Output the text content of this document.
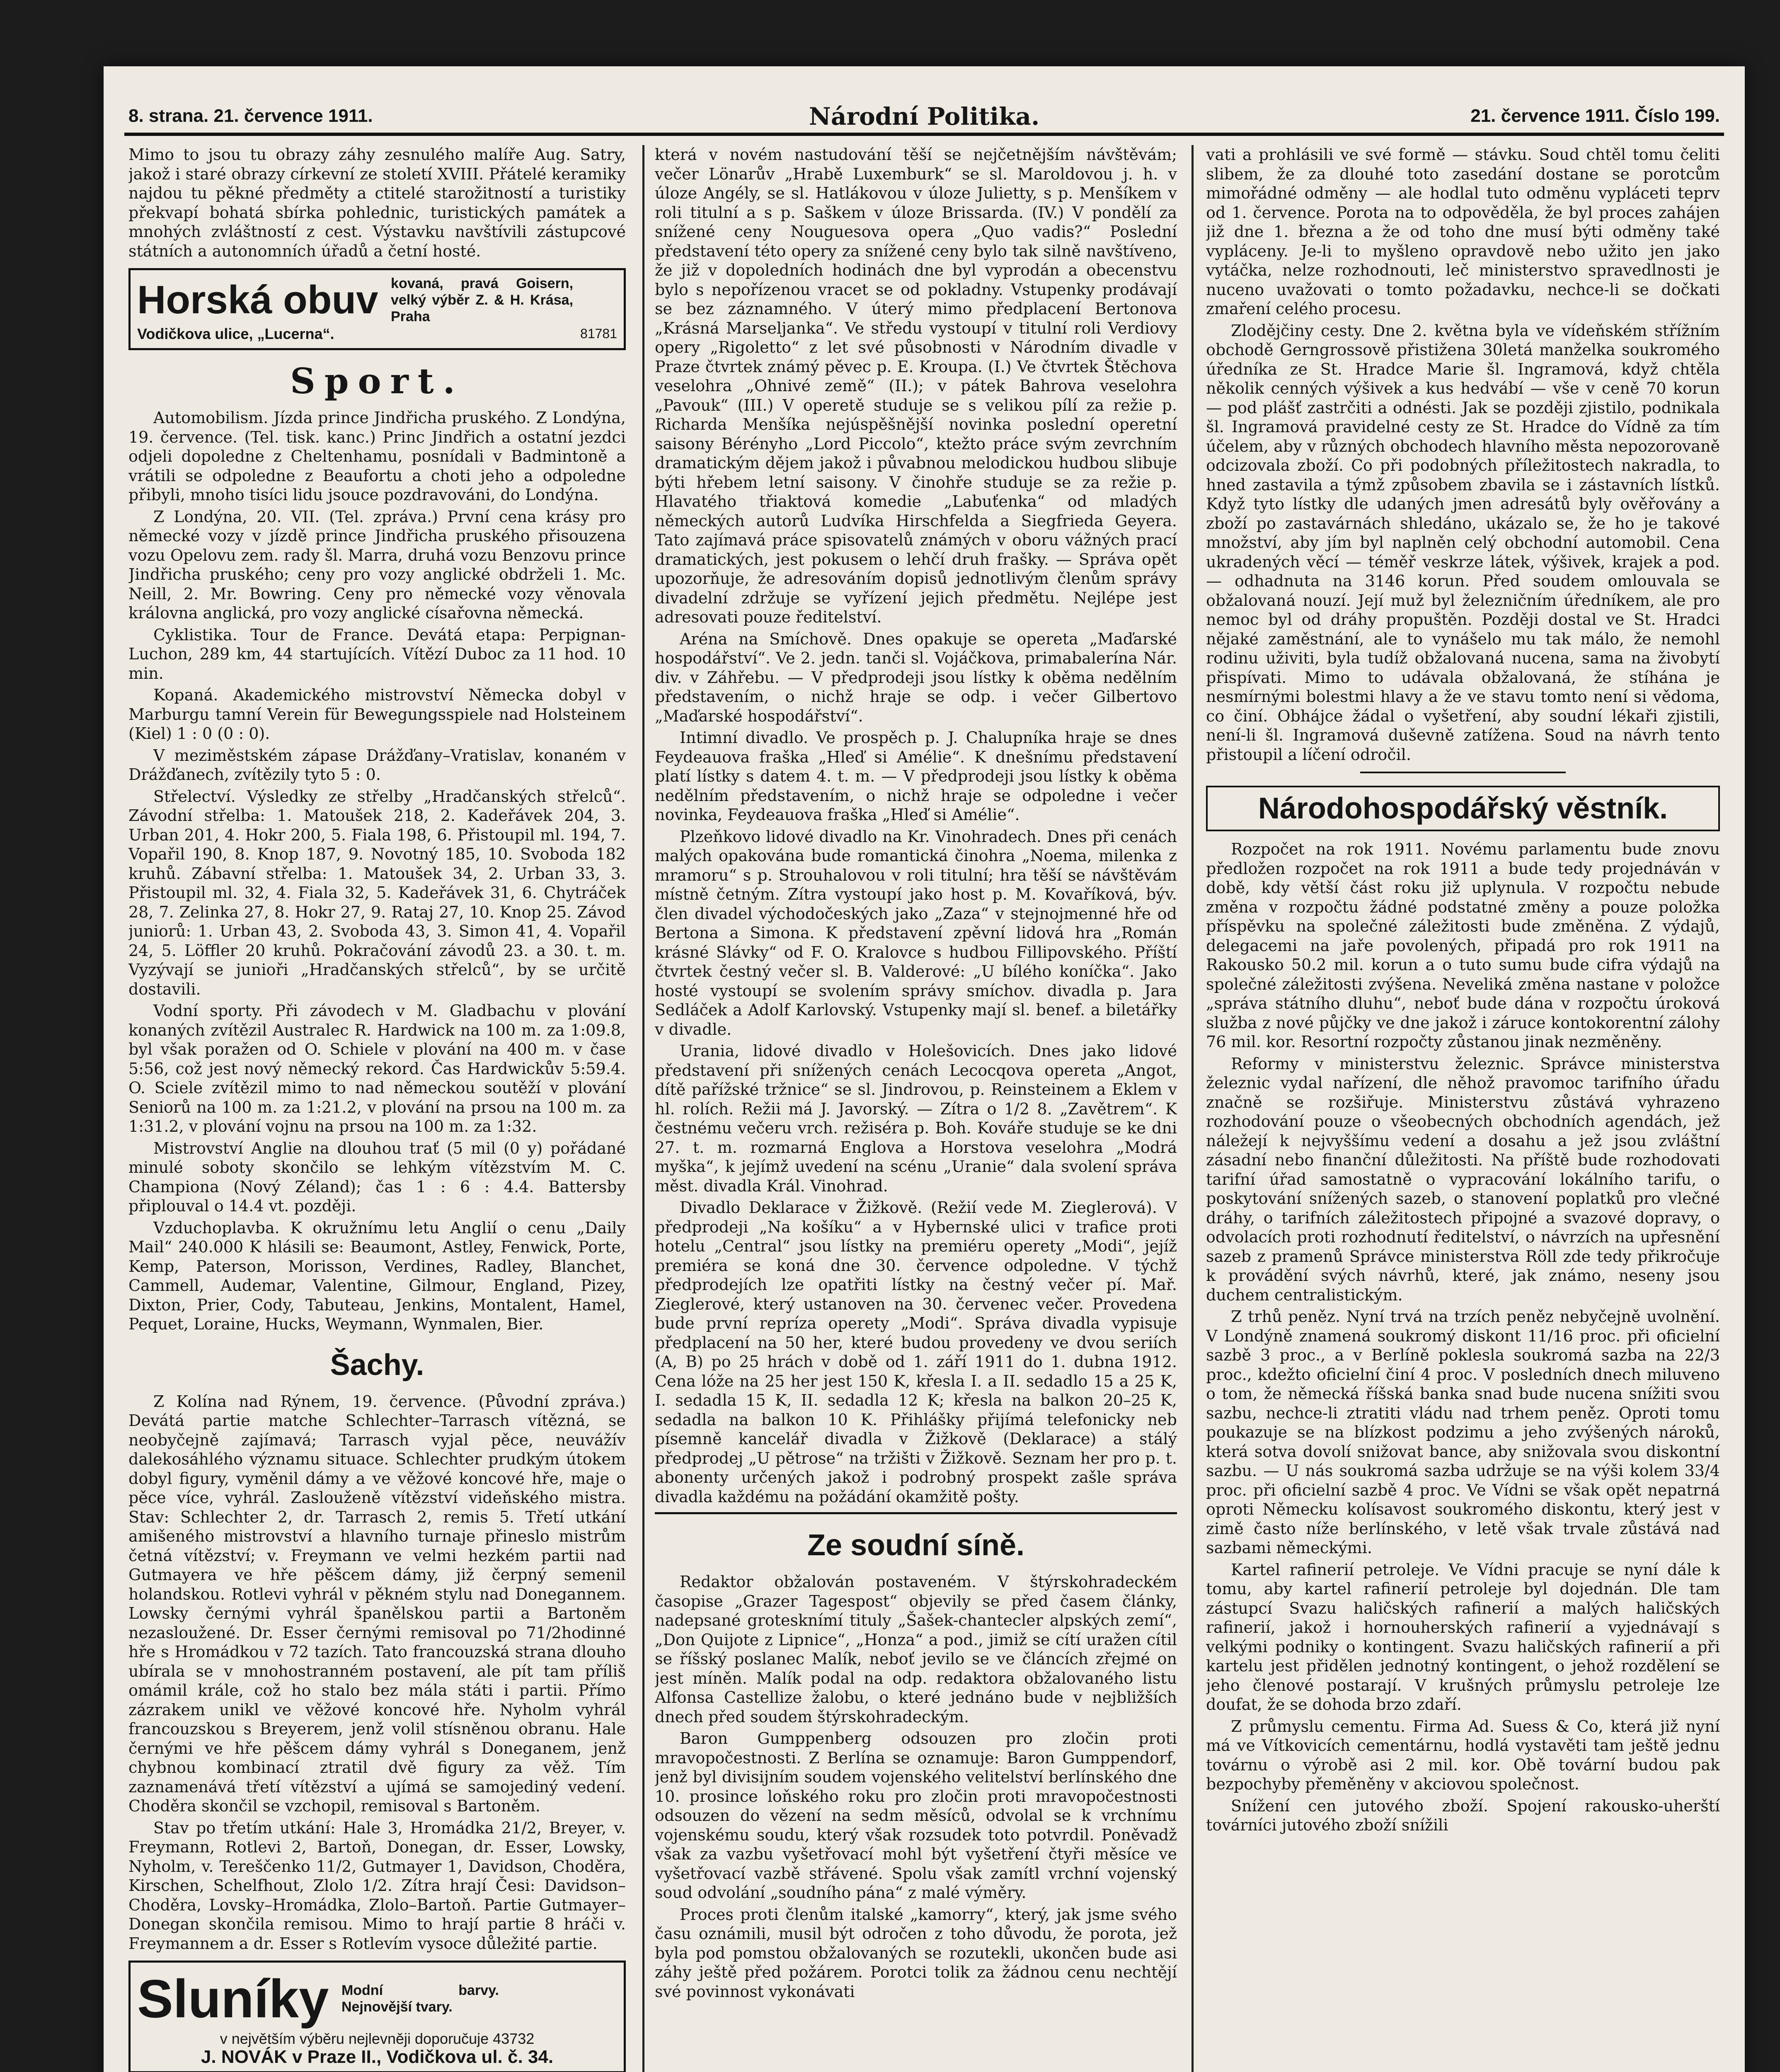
8. strana. 21. července 1911.	Národní Politika.	21. července 1911. Číslo 199.

Mimo to jsou tu obrazy záhy zesnulého malíře Aug. Satry, jakož i staré obrazy církevní ze století XVIII. Přátelé keramiky najdou tu pěkné předměty a ctitelé starožitností a turistiky překvapí bohatá sbírka pohlednic, turistických památek a mnohých zvláštností z cest. Výstavku navštívili zástupcové státních a autonomních úřadů a četní hosté.

Horská obuv kovaná, pravá Goisern, velký výběr Z. & H. Krása, Praha
Vodičkova ulice, „Lucerna“.	81781
Sport.

Automobilism. Jízda prince Jindřicha pruského. Z Londýna, 19. července. (Tel. tisk. kanc.) Princ Jindřich a ostatní jezdci odjeli dopoledne z Cheltenhamu, posnídali v Badmintoně a vrátili se odpoledne z Beaufortu a choti jeho a odpoledne přibyli, mnoho tisíci lidu jsouce pozdravováni, do Londýna.

Z Londýna, 20. VII. (Tel. zpráva.) První cena krásy pro německé vozy v jízdě prince Jindřicha pruského přisouzena vozu Opelovu zem. rady šl. Marra, druhá vozu Benzovu prince Jindřicha pruského; ceny pro vozy anglické obdrželi 1. Mc. Neill, 2. Mr. Bowring. Ceny pro německé vozy věnovala královna anglická, pro vozy anglické císařovna německá.

Cyklistika. Tour de France. Devátá etapa: Perpignan-Luchon, 289 km, 44 startujících. Vítězí Duboc za 11 hod. 10 min.

Kopaná. Akademického mistrovství Německa dobyl v Marburgu tamní Verein für Bewegungsspiele nad Holsteinem (Kiel) 1 : 0 (0 : 0).

V meziměstském zápase Drážďany–Vratislav, konaném v Drážďanech, zvítězily tyto 5 : 0.

Střelectví. Výsledky ze střelby „Hradčanských střelců“. Závodní střelba: 1. Matoušek 218, 2. Kadeřávek 204, 3. Urban 201, 4. Hokr 200, 5. Fiala 198, 6. Přistoupil ml. 194, 7. Vopařil 190, 8. Knop 187, 9. Novotný 185, 10. Svoboda 182 kruhů. Zábavní střelba: 1. Matoušek 34, 2. Urban 33, 3. Přistoupil ml. 32, 4. Fiala 32, 5. Kadeřávek 31, 6. Chytráček 28, 7. Zelinka 27, 8. Hokr 27, 9. Rataj 27, 10. Knop 25. Závod juniorů: 1. Urban 43, 2. Svoboda 43, 3. Simon 41, 4. Vopařil 24, 5. Löffler 20 kruhů. Pokračování závodů 23. a 30. t. m. Vyzývají se junioři „Hradčanských střelců“, by se určitě dostavili.

Vodní sporty. Při závodech v M. Gladbachu v plování konaných zvítězil Australec R. Hardwick na 100 m. za 1:09.8, byl však poražen od O. Schiele v plování na 400 m. v čase 5:56, což jest nový německý rekord. Čas Hardwickův 5:59.4. O. Sciele zvítězil mimo to nad německou soutěží v plování Seniorů na 100 m. za 1:21.2, v plování na prsou na 100 m. za 1:31.2, v plování vojnu na prsou na 100 m. za 1:32.

Mistrovství Anglie na dlouhou trať (5 mil (0 y) pořádané minulé soboty skončilo se lehkým vítězstvím M. C. Championa (Nový Zéland); čas 1 : 6 : 4.4. Battersby připlouval o 14.4 vt. později.

Vzduchoplavba. K okružnímu letu Anglií o cenu „Daily Mail“ 240.000 K hlásili se: Beaumont, Astley, Fenwick, Porte, Kemp, Paterson, Morisson, Verdines, Radley, Blanchet, Cammell, Audemar, Valentine, Gilmour, England, Pizey, Dixton, Prier, Cody, Tabuteau, Jenkins, Montalent, Hamel, Pequet, Loraine, Hucks, Weymann, Wynmalen, Bier.

Šachy.

Z Kolína nad Rýnem, 19. července. (Původní zpráva.) Devátá partie matche Schlechter–Tarrasch vítězná, se neobyčejně zajímavá; Tarrasch vyjal pěce, neuvážív dalekosáhlého významu situace. Schlechter prudkým útokem dobyl figury, vyměnil dámy a ve věžové koncové hře, maje o pěce více, vyhrál. Zaslouženě vítězství videňského mistra. Stav: Schlechter 2, dr. Tarrasch 2, remis 5. Třetí utkání amišeného mistrovství a hlavního turnaje přineslo mistrům četná vítězství; v. Freymann ve velmi hezkém partii nad Gutmayera ve hře pěšcem dámy, již čerpný semenil holandskou. Rotlevi vyhrál v pěkném stylu nad Donegannem. Lowsky černými vyhrál španělskou partii a Bartoněm nezasloužené. Dr. Esser černými remisoval po 71/2hodinné hře s Hromádkou v 72 tazích. Tato francouzská strana dlouho ubírala se v mnohostranném postavení, ale pít tam příliš omámil krále, což ho stalo bez mála státi i partii. Přímo zázrakem unikl ve věžové koncové hře. Nyholm vyhrál francouzskou s Breyerem, jenž volil stísněnou obranu. Hale černými ve hře pěšcem dámy vyhrál s Doneganem, jenž chybnou kombinací ztratil dvě figury za věž. Tím zaznamenává třetí vítězství a ujímá se samojediný vedení. Choděra skončil se vzchopil, remisoval s Bartoněm.

Stav po třetím utkání: Hale 3, Hromádka 21/2, Breyer, v. Freymann, Rotlevi 2, Bartoň, Donegan, dr. Esser, Lowsky, Nyholm, v. Tereščenko 11/2, Gutmayer 1, Davidson, Choděra, Kirschen, Schelfhout, Zlolo 1/2. Zítra hrají Česi: Davidson–Choděra, Lovsky–Hromádka, Zlolo–Bartoň. Partie Gutmayer–Donegan skončila remisou. Mimo to hrají partie 8 hráči v. Freymannem a dr. Esser s Rotlevím vysoce důležité partie.

Sluníky Modní barvy. Nejnovější tvary.
v největším výběru nejlevněji doporučuje 43732
J. NOVÁK v Praze II., Vodičkova ul. č. 34.

která v novém nastudování těší se nejčetnějším návštěvám; večer Lönarův „Hrabě Luxemburk“ se sl. Maroldovou j. h. v úloze Angély, se sl. Hatlákovou v úloze Julietty, s p. Menšíkem v roli titulní a s p. Saškem v úloze Brissarda. (IV.) V pondělí za snížené ceny Nouguesova opera „Quo vadis?“ Poslední představení této opery za snížené ceny bylo tak silně navštíveno, že již v dopoledních hodinách dne byl vyprodán a obecenstvu bylo s nepořízenou vracet se od pokladny. Vstupenky prodávají se bez záznamného. V úterý mimo předplacení Bertonova „Krásná Marseljanka“. Ve středu vystoupí v titulní roli Verdiovy opery „Rigoletto“ z let své působnosti v Národním divadle v Praze čtvrtek známý pěvec p. E. Kroupa. (I.) Ve čtvrtek Štěchova veselohra „Ohnivé země“ (II.); v pátek Bahrova veselohra „Pavouk“ (III.) V operetě studuje se s velikou pílí za režie p. Richarda Menšíka nejúspěšnější novinka poslední operetní saisony Bérényho „Lord Piccolo“, ktežto práce svým zevrchním dramatickým dějem jakož i půvabnou melodickou hudbou slibuje býti hřebem letní saisony. V činohře studuje se za režie p. Hlavatého třiaktová komedie „Labuťenka“ od mladých německých autorů Ludvíka Hirschfelda a Siegfrieda Geyera. Tato zajímavá práce spisovatelů známých v oboru vážných prací dramatických, jest pokusem o lehčí druh frašky. — Správa opět upozorňuje, že adresováním dopisů jednotlivým členům správy divadelní zdržuje se vyřízení jejich předmětu. Nejlépe jest adresovati pouze ředitelství.

Aréna na Smíchově. Dnes opakuje se opereta „Maďarské hospodářství“. Ve 2. jedn. tanči sl. Vojáčkova, primabalerína Nár. div. v Záhřebu. — V předprodeji jsou lístky k oběma nedělním představením, o nichž hraje se odp. i večer Gilbertovo „Maďarské hospodářství“.

Intimní divadlo. Ve prospěch p. J. Chalupníka hraje se dnes Feydeauova fraška „Hleď si Amélie“. K dnešnímu představení platí lístky s datem 4. t. m. — V předprodeji jsou lístky k oběma nedělním představením, o nichž hraje se odpoledne i večer novinka, Feydeauova fraška „Hleď si Amélie“.

Plzeňkovo lidové divadlo na Kr. Vinohradech. Dnes při cenách malých opakována bude romantická činohra „Noema, milenka z mramoru“ s p. Strouhalovou v roli titulní; hra těší se návštěvám místně četným. Zítra vystoupí jako host p. M. Kovaříková, býv. člen divadel východočeských jako „Zaza“ v stejnojmenné hře od Bertona a Simona. K představení zpěvní lidová hra „Román krásné Slávky“ od F. O. Kralovce s hudbou Fillipovského. Příští čtvrtek čestný večer sl. B. Valderové: „U bílého koníčka“. Jako hosté vystoupí se svolením správy smíchov. divadla p. Jara Sedláček a Adolf Karlovský. Vstupenky mají sl. benef. a biletářky v divadle.

Urania, lidové divadlo v Holešovicích. Dnes jako lidové představení při snížených cenách Lecocqova opereta „Angot, dítě pařížské tržnice“ se sl. Jindrovou, p. Reinsteinem a Eklem v hl. rolích. Režii má J. Javorský. — Zítra o 1/2 8. „Zavětrem“. K čestnému večeru vrch. režiséra p. Boh. Kováře studuje se ke dni 27. t. m. rozmarná Englova a Horstova veselohra „Modrá myška“, k jejímž uvedení na scénu „Uranie“ dala svolení správa měst. divadla Král. Vinohrad.

Divadlo Deklarace v Žižkově. (Režií vede M. Zieglerová). V předprodeji „Na košíku“ a v Hybernské ulici v trafice proti hotelu „Central“ jsou lístky na premiéru operety „Modi“, jejíž premiéra se koná dne 30. července odpoledne. V týchž předprodejích lze opatřiti lístky na čestný večer pí. Mař. Zieglerové, který ustanoven na 30. červenec večer. Provedena bude první repríza operety „Modi“. Správa divadla vypisuje předplacení na 50 her, které budou provedeny ve dvou seriích (A, B) po 25 hrách v době od 1. září 1911 do 1. dubna 1912. Cena lóže na 25 her jest 150 K, křesla I. a II. sedadlo 15 a 25 K, I. sedadla 15 K, II. sedadla 12 K; křesla na balkon 20–25 K, sedadla na balkon 10 K. Přihlášky přijímá telefonicky neb písemně kancelář divadla v Žižkově (Deklarace) a stálý předprodej „U pětrose“ na tržišti v Žižkově. Seznam her pro p. t. abonenty určených jakož i podrobný prospekt zašle správa divadla každému na požádání okamžitě pošty.

Ze soudní síně.

Redaktor obžalován postaveném. V štýrskohradeckém časopise „Grazer Tagespost“ objevily se před časem články, nadepsané grotesknímí tituly „Šašek-chantecler alpských zemí“, „Don Quijote z Lipnice“, „Honza“ a pod., jimiž se cítí uražen cítil se říšský poslanec Malík, neboť jevilo se ve článcích zřejmé on jest míněn. Malík podal na odp. redaktora obžalovaného listu Alfonsa Castellize žalobu, o které jednáno bude v nejbližších dnech před soudem štýrskohradeckým.

Baron Gumppenberg odsouzen pro zločin proti mravopočestnosti. Z Berlína se oznamuje: Baron Gumppendorf, jenž byl divisijním soudem vojenského velitelství berlínského dne 10. prosince loňského roku pro zločin proti mravopočestnosti odsouzen do vězení na sedm měsíců, odvolal se k vrchnímu vojenskému soudu, který však rozsudek toto potvrdil. Poněvadž však za vazbu vyšetřovací mohl být vyšetření čtyři měsíce ve vyšetřovací vazbě střávené. Spolu však zamítl vrchní vojenský soud odvolání „soudního pána“ z malé výměry.

Proces proti členům italské „kamorry“, který, jak jsme svého času oznámili, musil být odročen z toho důvodu, že porota, jež byla pod pomstou obžalovaných se rozutekli, ukončen bude asi záhy ještě před požárem. Porotci tolik za žádnou cenu nechtějí své povinnost vykonávati

vati a prohlásili ve své formě — stávku. Soud chtěl tomu čeliti slibem, že za dlouhé toto zasedání dostane se porotcům mimořádné odměny — ale hodlal tuto odměnu vypláceti teprv od 1. července. Porota na to odpověděla, že byl proces zahájen již dne 1. března a že od toho dne musí býti odměny také vypláceny. Je-li to myšleno opravdově nebo užito jen jako vytáčka, nelze rozhodnouti, leč ministerstvo spravedlnosti je nuceno uvažovati o tomto požadavku, nechce-li se dočkati zmaření celého procesu.

Zlodějčiny cesty. Dne 2. května byla ve vídeňském střížním obchodě Gerngrossově přistižena 30letá manželka soukromého úředníka ze St. Hradce Marie šl. Ingramová, když chtěla několik cenných výšivek a kus hedvábí — vše v ceně 70 korun — pod plášť zastrčiti a odnésti. Jak se později zjistilo, podnikala šl. Ingramová pravidelné cesty ze St. Hradce do Vídně za tím účelem, aby v různých obchodech hlavního města nepozorovaně odcizovala zboží. Co při podobných příležitostech nakradla, to hned zastavila a týmž způsobem zbavila se i zástavních lístků. Když tyto lístky dle udaných jmen adresátů byly ověřovány a zboží po zastavárnách shledáno, ukázalo se, že ho je takové množství, aby jím byl naplněn celý obchodní automobil. Cena ukradených věcí — téměř veskrze látek, výšivek, krajek a pod. — odhadnuta na 3146 korun. Před soudem omlouvala se obžalovaná nouzí. Její muž byl železničním úředníkem, ale pro nemoc byl od dráhy propuštěn. Později dostal ve St. Hradci nějaké zaměstnání, ale to vynášelo mu tak málo, že nemohl rodinu uživiti, byla tudíž obžalovaná nucena, sama na živobytí přispívati. Mimo to udávala obžalovaná, že stíhána je nesmírnými bolestmi hlavy a že ve stavu tomto není si vědoma, co činí. Obhájce žádal o vyšetření, aby soudní lékaři zjistili, není-li šl. Ingramová duševně zatížena. Soud na návrh tento přistoupil a líčení odročil.

Národohospodářský věstník.

Rozpočet na rok 1911. Novému parlamentu bude znovu předložen rozpočet na rok 1911 a bude tedy projednáván v době, kdy větší část roku již uplynula. V rozpočtu nebude změna v rozpočtu žádné podstatné změny a pouze položka příspěvku na společné záležitosti bude změněna. Z výdajů, delegacemi na jaře povolených, připadá pro rok 1911 na Rakousko 50.2 mil. korun a o tuto sumu bude cifra výdajů na společné záležitosti zvýšena. Neveliká změna nastane v položce „správa státního dluhu“, neboť bude dána v rozpočtu úroková služba z nové půjčky ve dne jakož i záruce kontokorentní zálohy 76 mil. kor. Resortní rozpočty zůstanou jinak nezměněny.

Reformy v ministerstvu železnic. Správce ministerstva železnic vydal nařízení, dle něhož pravomoc tarifního úřadu značně se rozšiřuje. Ministerstvu zůstává vyhrazeno rozhodování pouze o všeobecných obchodních agendách, jež náležejí k nejvyššímu vedení a dosahu a jež jsou zvláštní zásadní nebo finanční důležitosti. Na příště bude rozhodovati tarifní úřad samostatně o vypracování lokálního tarifu, o poskytování snížených sazeb, o stanovení poplatků pro vlečné dráhy, o tarifních záležitostech připojné a svazové dopravy, o odvolacích proti rozhodnutí ředitelství, o návrzích na upřesnění sazeb z pramenů Správce ministerstva Röll zde tedy přikročuje k provádění svých návrhů, které, jak známo, neseny jsou duchem centralistickým.

Z trhů peněz. Nyní trvá na trzích peněz nebyčejně uvolnění. V Londýně znamená soukromý diskont 11/16 proc. při oficielní sazbě 3 proc., a v Berlíně poklesla soukromá sazba na 22/3 proc., kdežto oficielní činí 4 proc. V posledních dnech miluveno o tom, že německá říšská banka snad bude nucena snížiti svou sazbu, nechce-li ztratiti vládu nad trhem peněz. Oproti tomu poukazuje se na blízkost podzimu a jeho zvýšených nároků, která sotva dovolí snižovat bance, aby snižovala svou diskontní sazbu. — U nás soukromá sazba udržuje se na výši kolem 33/4 proc. při oficielní sazbě 4 proc. Ve Vídni se však opět nepatrná oproti Německu kolísavost soukromého diskontu, který jest v zimě často níže berlínského, v letě však trvale zůstává nad sazbami německými.

Kartel rafinerií petroleje. Ve Vídni pracuje se nyní dále k tomu, aby kartel rafinerií petroleje byl dojednán. Dle tam zástupcí Svazu haličských rafinerií a malých haličských rafinerií, jakož i hornouherských rafinerií a vyjednávají s velkými podniky o kontingent. Svazu haličských rafinerií a při kartelu jest přidělen jednotný kontingent, o jehož rozdělení se jeho členové postarají. V krušných průmyslu petroleje lze doufat, že se dohoda brzo zdaří.

Z průmyslu cementu. Firma Ad. Suess & Co, která již nyní má ve Vítkovicích cementárnu, hodlá vystavěti tam ještě jednu továrnu o výrobě asi 2 mil. kor. Obě tovární budou pak bezpochyby přeměněny v akciovou společnost.

Snížení cen jutového zboží. Spojení rakousko-uherští továrníci jutového zboží snížili
